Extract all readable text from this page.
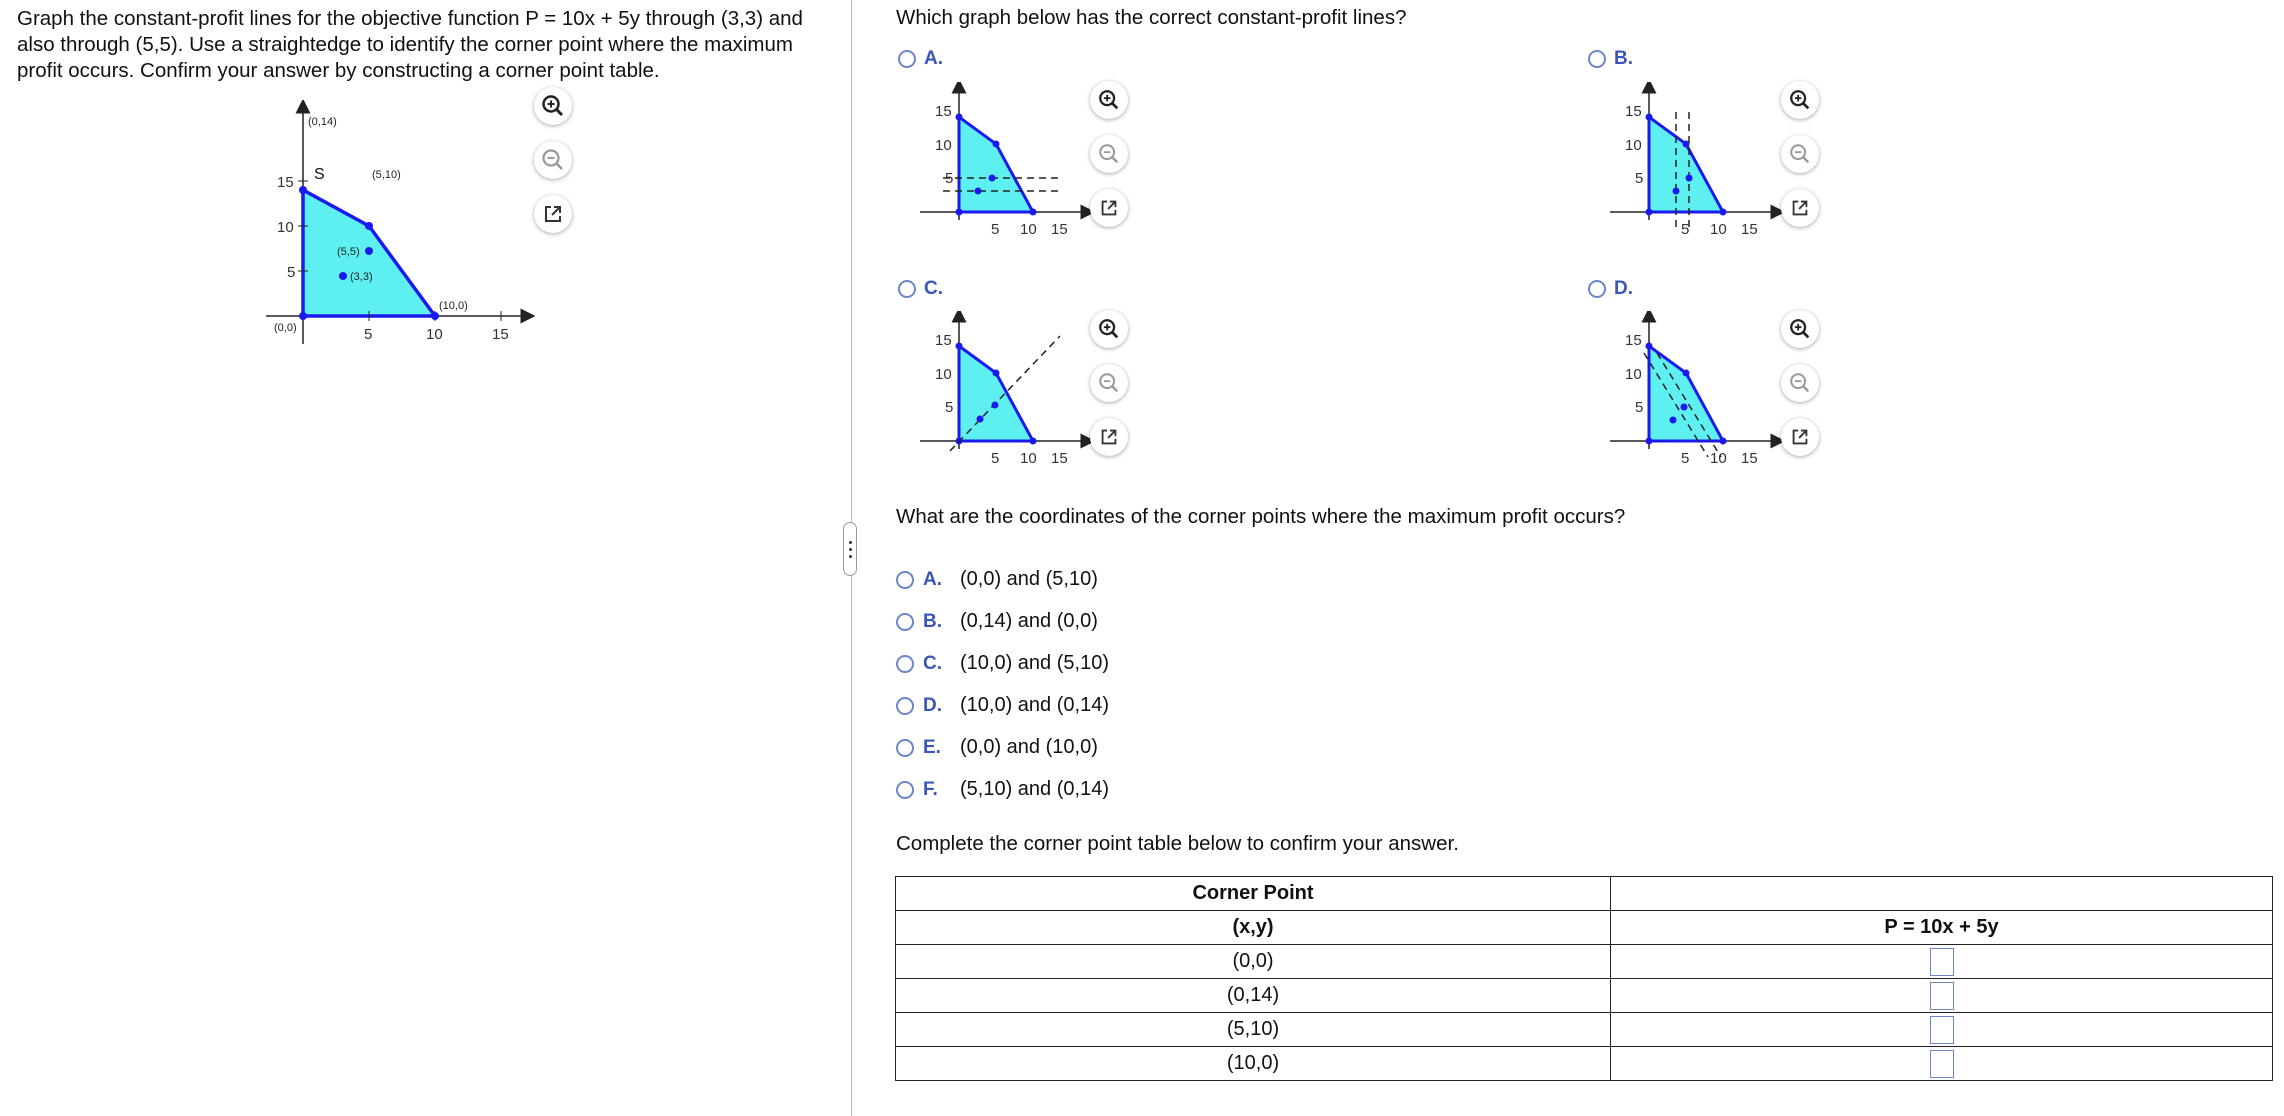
Graph the constant-profit lines for the objective function P = 10x + 5y through (3,3) and also through (5,5). Use a straightedge to identify the corner point where the maximum profit occurs. Confirm your answer by constructing a corner point table.
15
10
5
5	10	15
(0,0)
(0,14)
(5,10)
(10,0)
S
(5,5)
(3,3)
Which graph below has the correct constant-profit lines?
A.
15
10
5
5 10 15
B.
15
10
5
5 10 15
C.
15
10
5
5 10 15
D.
15
10
5
5 10 15
What are the coordinates of the corner points where the maximum profit occurs?
A. (0,0) and (5,10)
B. (0,14) and (0,0)
C. (10,0) and (5,10)
D. (10,0) and (0,14)
E. (0,0) and (10,0)
F.	(5,10) and (0,14)
Complete the corner point table below to confirm your answer.
Corner Point	
(x,y)	P = 10x + 5y
(0,0)	
(0,14)	
(5,10)	
(10,0)	
